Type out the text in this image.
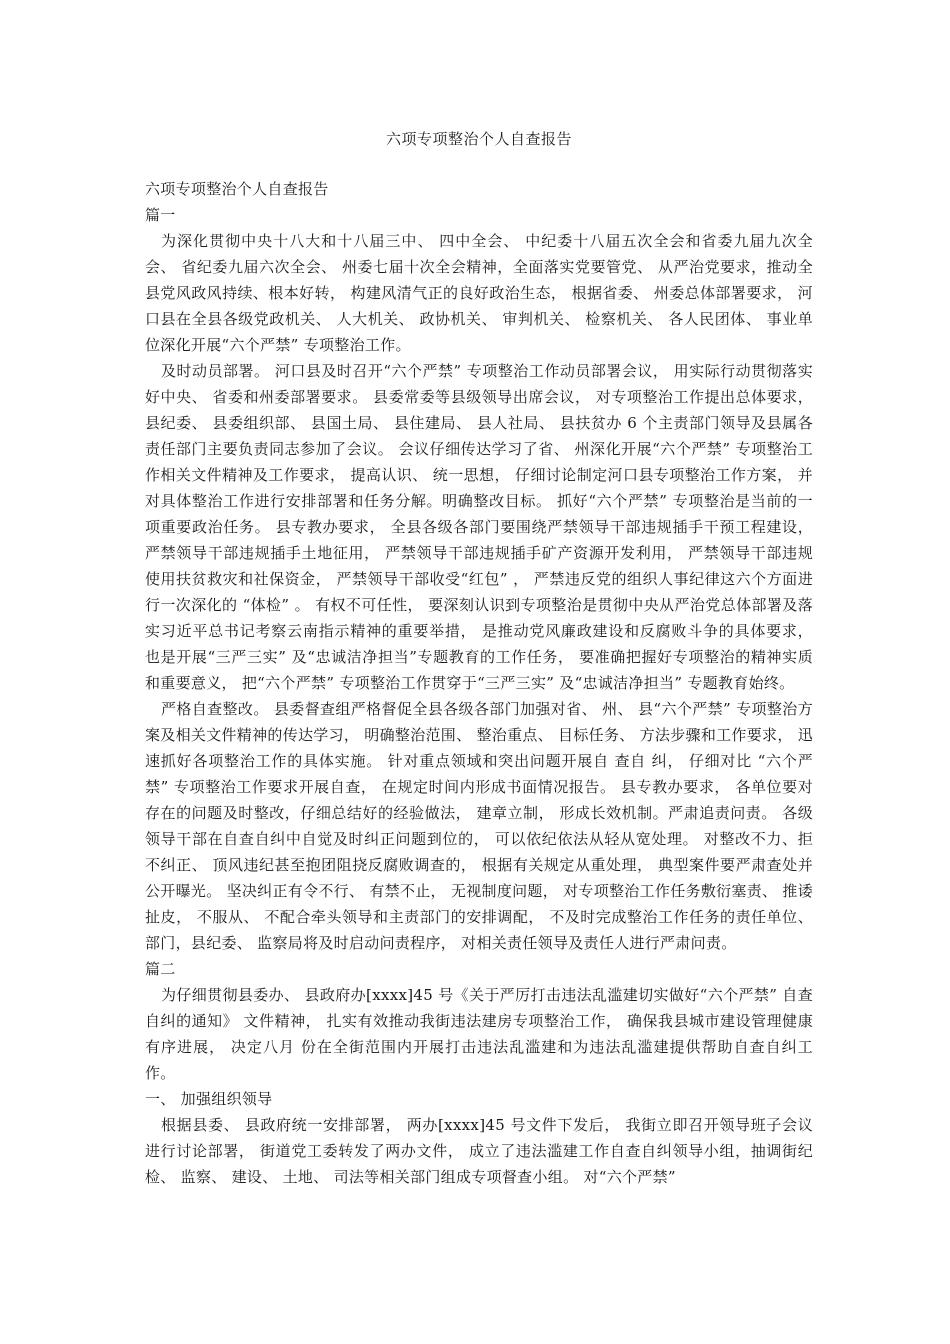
六项专项整治个人自查报告

六项专项整治个人自查报告

篇一

为深化贯彻中央十八大和十八届三中、 四中全会、 中纪委十八届五次全会和省委九届九次全会、 省纪委九届六次全会、 州委七届十次全会精神，全面落实党要管党、 从严治党要求，推动全县党风政风持续、根本好转， 构建风清气正的良好政治生态， 根据省委、 州委总体部署要求， 河口县在全县各级党政机关、 人大机关、 政协机关、 审判机关、 检察机关、 各人民团体、 事业单位深化开展“六个严禁” 专项整治工作。

及时动员部署。 河口县及时召开“六个严禁” 专项整治工作动员部署会议， 用实际行动贯彻落实好中央、 省委和州委部署要求。 县委常委等县级领导出席会议， 对专项整治工作提出总体要求， 县纪委、 县委组织部、 县国土局、 县住建局、 县人社局、 县扶贫办 6 个主责部门领导及县属各责任部门主要负责同志参加了会议。 会议仔细传达学习了省、 州深化开展“六个严禁” 专项整治工作相关文件精神及工作要求， 提高认识、 统一思想， 仔细讨论制定河口县专项整治工作方案， 并对具体整治工作进行安排部署和任务分解。明确整改目标。 抓好“六个严禁” 专项整治是当前的一项重要政治任务。 县专教办要求， 全县各级各部门要围绕严禁领导干部违规插手干预工程建设， 严禁领导干部违规插手土地征用， 严禁领导干部违规插手矿产资源开发利用， 严禁领导干部违规使用扶贫救灾和社保资金， 严禁领导干部收受“红包” ， 严禁违反党的组织人事纪律这六个方面进行一次深化的 “体检” 。 有权不可任性， 要深刻认识到专项整治是贯彻中央从严治党总体部署及落实习近平总书记考察云南指示精神的重要举措， 是推动党风廉政建设和反腐败斗争的具体要求， 也是开展“三严三实” 及“忠诚洁净担当”专题教育的工作任务， 要准确把握好专项整治的精神实质和重要意义， 把“六个严禁” 专项整治工作贯穿于“三严三实” 及“忠诚洁净担当” 专题教育始终。

严格自查整改。 县委督查组严格督促全县各级各部门加强对省、 州、 县“六个严禁” 专项整治方案及相关文件精神的传达学习， 明确整治范围、 整治重点、 目标任务、 方法步骤和工作要求， 迅速抓好各项整治工作的具体实施。 针对重点领域和突出问题开展自 查自 纠， 仔细对比 “六个严禁” 专项整治工作要求开展自查， 在规定时间内形成书面情况报告。 县专教办要求， 各单位要对存在的问题及时整改，仔细总结好的经验做法， 建章立制， 形成长效机制。严肃追责问责。 各级领导干部在自查自纠中自觉及时纠正问题到位的， 可以依纪依法从轻从宽处理。 对整改不力、拒不纠正、 顶风违纪甚至抱团阻挠反腐败调查的， 根据有关规定从重处理， 典型案件要严肃查处并公开曝光。 坚决纠正有令不行、 有禁不止， 无视制度问题， 对专项整治工作任务敷衍塞责、 推诿扯皮， 不服从、 不配合牵头领导和主责部门的安排调配， 不及时完成整治工作任务的责任单位、 部门，县纪委、 监察局将及时启动问责程序， 对相关责任领导及责任人进行严肃问责。

篇二

为仔细贯彻县委办、 县政府办[xxxx]45 号《关于严厉打击违法乱滥建切实做好“六个严禁” 自查自纠的通知》 文件精神， 扎实有效推动我街违法建房专项整治工作， 确保我县城市建设管理健康有序进展， 决定八月 份在全街范围内开展打击违法乱滥建和为违法乱滥建提供帮助自查自纠工作。

一、 加强组织领导

根据县委、 县政府统一安排部署， 两办[xxxx]45 号文件下发后， 我街立即召开领导班子会议进行讨论部署， 街道党工委转发了两办文件， 成立了违法滥建工作自查自纠领导小组，抽调街纪检、 监察、 建设、 土地、 司法等相关部门组成专项督查小组。 对“六个严禁”
